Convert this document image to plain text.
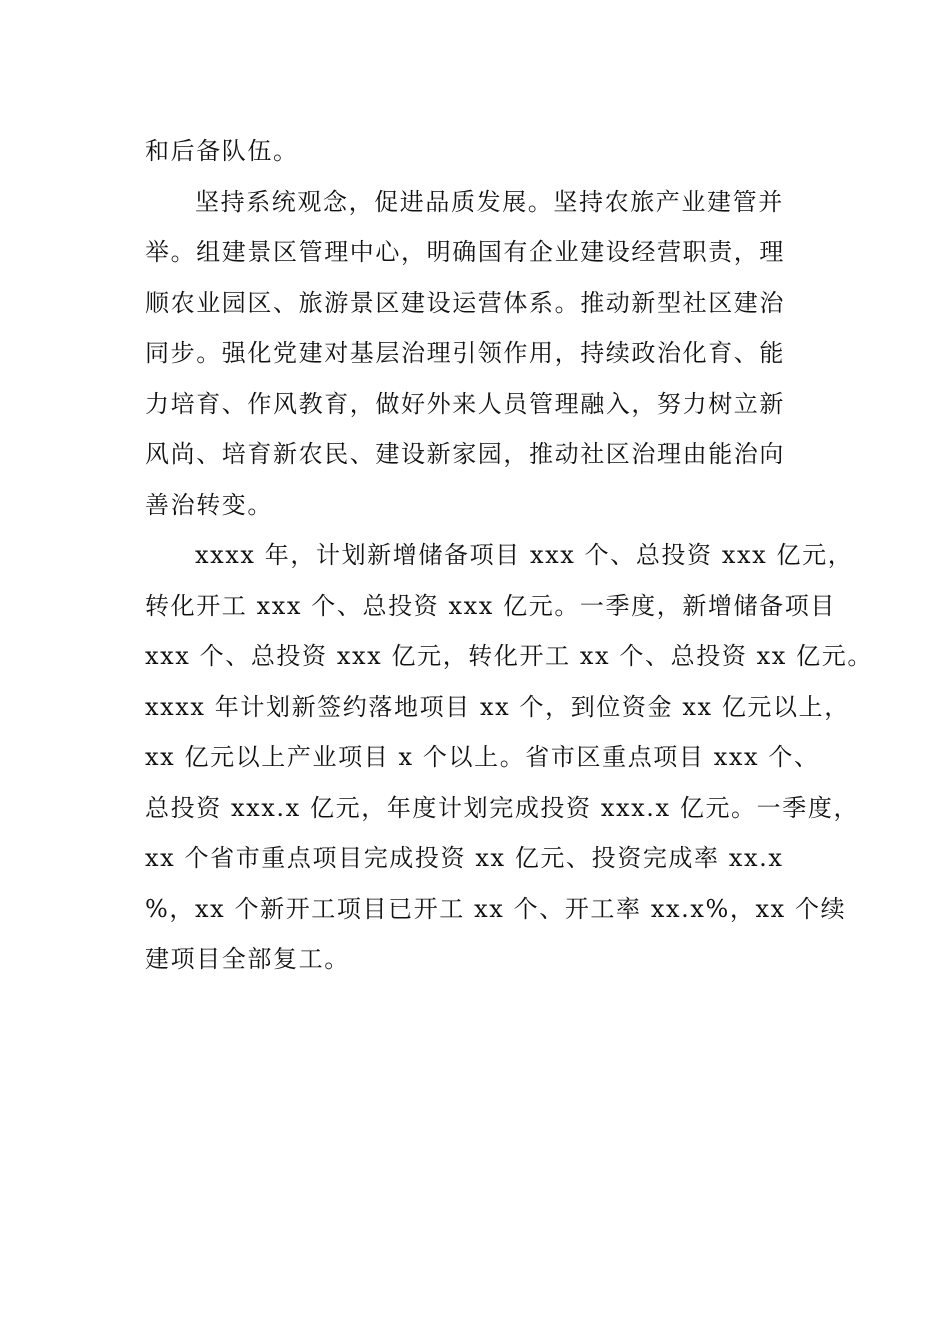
和后备队伍。
坚持系统观念，促进品质发展。坚持农旅产业建管并
举。组建景区管理中心，明确国有企业建设经营职责，理
顺农业园区、旅游景区建设运营体系。推动新型社区建治
同步。强化党建对基层治理引领作用，持续政治化育、能
力培育、作风教育，做好外来人员管理融入，努力树立新
风尚、培育新农民、建设新家园，推动社区治理由能治向
善治转变。
xxxx 年，计划新增储备项目 xxx 个、总投资 xxx 亿元，
转化开工 xxx 个、总投资 xxx 亿元。一季度，新增储备项目
xxx 个、总投资 xxx 亿元，转化开工 xx 个、总投资 xx 亿元。
xxxx 年计划新签约落地项目 xx 个，到位资金 xx 亿元以上，
xx 亿元以上产业项目 x 个以上。省市区重点项目 xxx 个、
总投资 xxx.x 亿元，年度计划完成投资 xxx.x 亿元。一季度，
xx 个省市重点项目完成投资 xx 亿元、投资完成率 xx.x
%，xx 个新开工项目已开工 xx 个、开工率 xx.x%，xx 个续
建项目全部复工。
